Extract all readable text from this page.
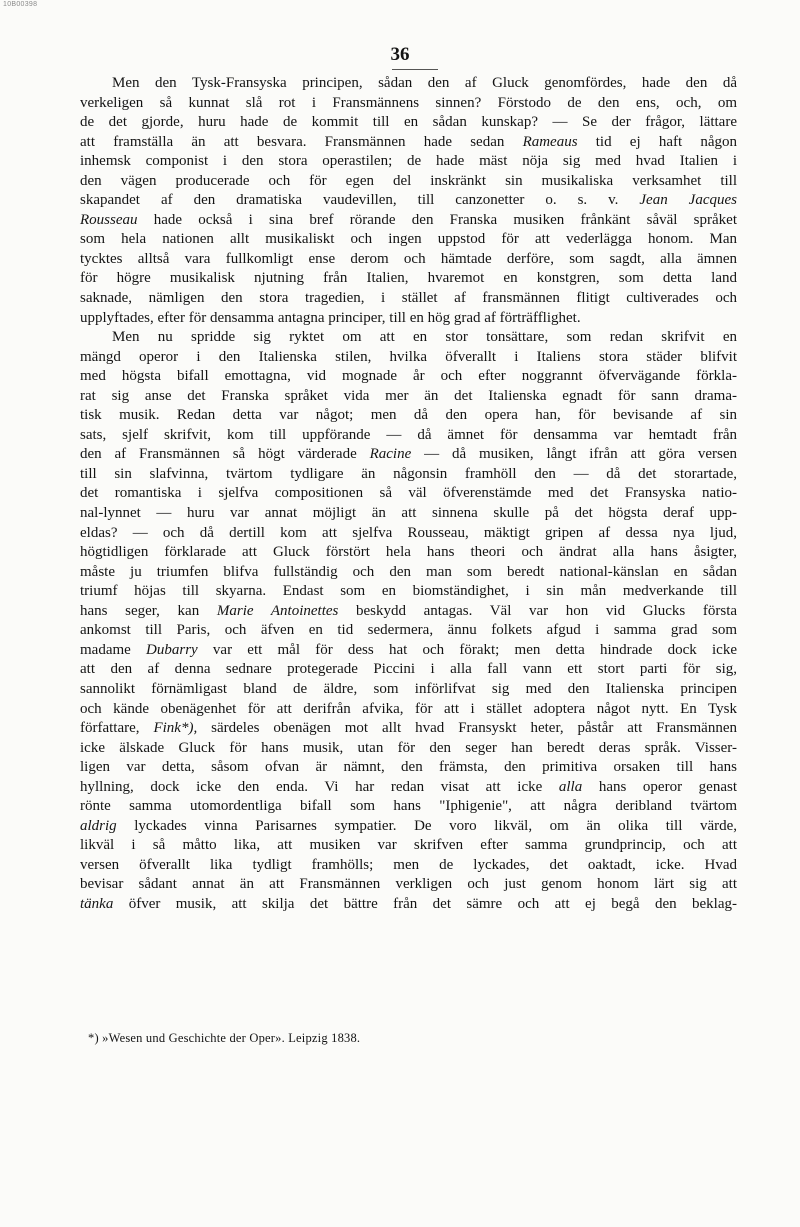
10B00398
36
Men den Tysk-Fransyska principen, sådan den af Gluck genomfördes, hade den då
verkeligen så kunnat slå rot i Fransmännens sinnen? Förstodo de den ens, och, om
de det gjorde, huru hade de kommit till en sådan kunskap? — Se der frågor, lättare
att framställa än att besvara. Fransmännen hade sedan Rameaus tid ej haft någon
inhemsk componist i den stora operastilen; de hade mäst nöja sig med hvad Italien i
den vägen producerade och för egen del inskränkt sin musikaliska verksamhet till
skapandet af den dramatiska vaudevillen, till canzonetter o. s. v. Jean Jacques
Rousseau hade också i sina bref rörande den Franska musiken frånkänt såväl språket
som hela nationen allt musikaliskt och ingen uppstod för att vederlägga honom. Man
tycktes alltså vara fullkomligt ense derom och hämtade derföre, som sagdt, alla ämnen
för högre musikalisk njutning från Italien, hvaremot en konstgren, som detta land
saknade, nämligen den stora tragedien, i stället af fransmännen flitigt cultiverades och
upplyftades, efter för densamma antagna principer, till en hög grad af förträfflighet.
Men nu spridde sig ryktet om att en stor tonsättare, som redan skrifvit en
mängd operor i den Italienska stilen, hvilka öfverallt i Italiens stora städer blifvit
med högsta bifall emottagna, vid mognade år och efter noggrannt öfvervägande förkla-
rat sig anse det Franska språket vida mer än det Italienska egnadt för sann drama-
tisk musik. Redan detta var något; men då den opera han, för bevisande af sin
sats, sjelf skrifvit, kom till uppförande — då ämnet för densamma var hemtadt från
den af Fransmännen så högt värderade Racine — då musiken, långt ifrån att göra versen
till sin slafvinna, tvärtom tydligare än någonsin framhöll den — då det storartade,
det romantiska i sjelfva compositionen så väl öfverenstämde med det Fransyska natio-
nal-lynnet — huru var annat möjligt än att sinnena skulle på det högsta deraf upp-
eldas? — och då dertill kom att sjelfva Rousseau, mäktigt gripen af dessa nya ljud,
högtidligen förklarade att Gluck förstört hela hans theori och ändrat alla hans åsigter,
måste ju triumfen blifva fullständig och den man som beredt national-känslan en sådan
triumf höjas till skyarna. Endast som en biomständighet, i sin mån medverkande till
hans seger, kan Marie Antoinettes beskydd antagas. Väl var hon vid Glucks första
ankomst till Paris, och äfven en tid sedermera, ännu folkets afgud i samma grad som
madame Dubarry var ett mål för dess hat och förakt; men detta hindrade dock icke
att den af denna sednare protegerade Piccini i alla fall vann ett stort parti för sig,
sannolikt förnämligast bland de äldre, som införlifvat sig med den Italienska principen
och kände obenägenhet för att derifrån afvika, för att i stället adoptera något nytt. En Tysk
författare, Fink*), särdeles obenägen mot allt hvad Fransyskt heter, påstår att Fransmännen
icke älskade Gluck för hans musik, utan för den seger han beredt deras språk. Visser-
ligen var detta, såsom ofvan är nämnt, den främsta, den primitiva orsaken till hans
hyllning, dock icke den enda. Vi har redan visat att icke alla hans operor genast
rönte samma utomordentliga bifall som hans "Iphigenie", att några deribland tvärtom
aldrig lyckades vinna Parisarnes sympatier. De voro likväl, om än olika till värde,
likväl i så måtto lika, att musiken var skrifven efter samma grundprincip, och att
versen öfverallt lika tydligt framhölls; men de lyckades, det oaktadt, icke. Hvad
bevisar sådant annat än att Fransmännen verkligen och just genom honom lärt sig att
tänka öfver musik, att skilja det bättre från det sämre och att ej begå den beklag-
*) »Wesen und Geschichte der Oper». Leipzig 1838.
